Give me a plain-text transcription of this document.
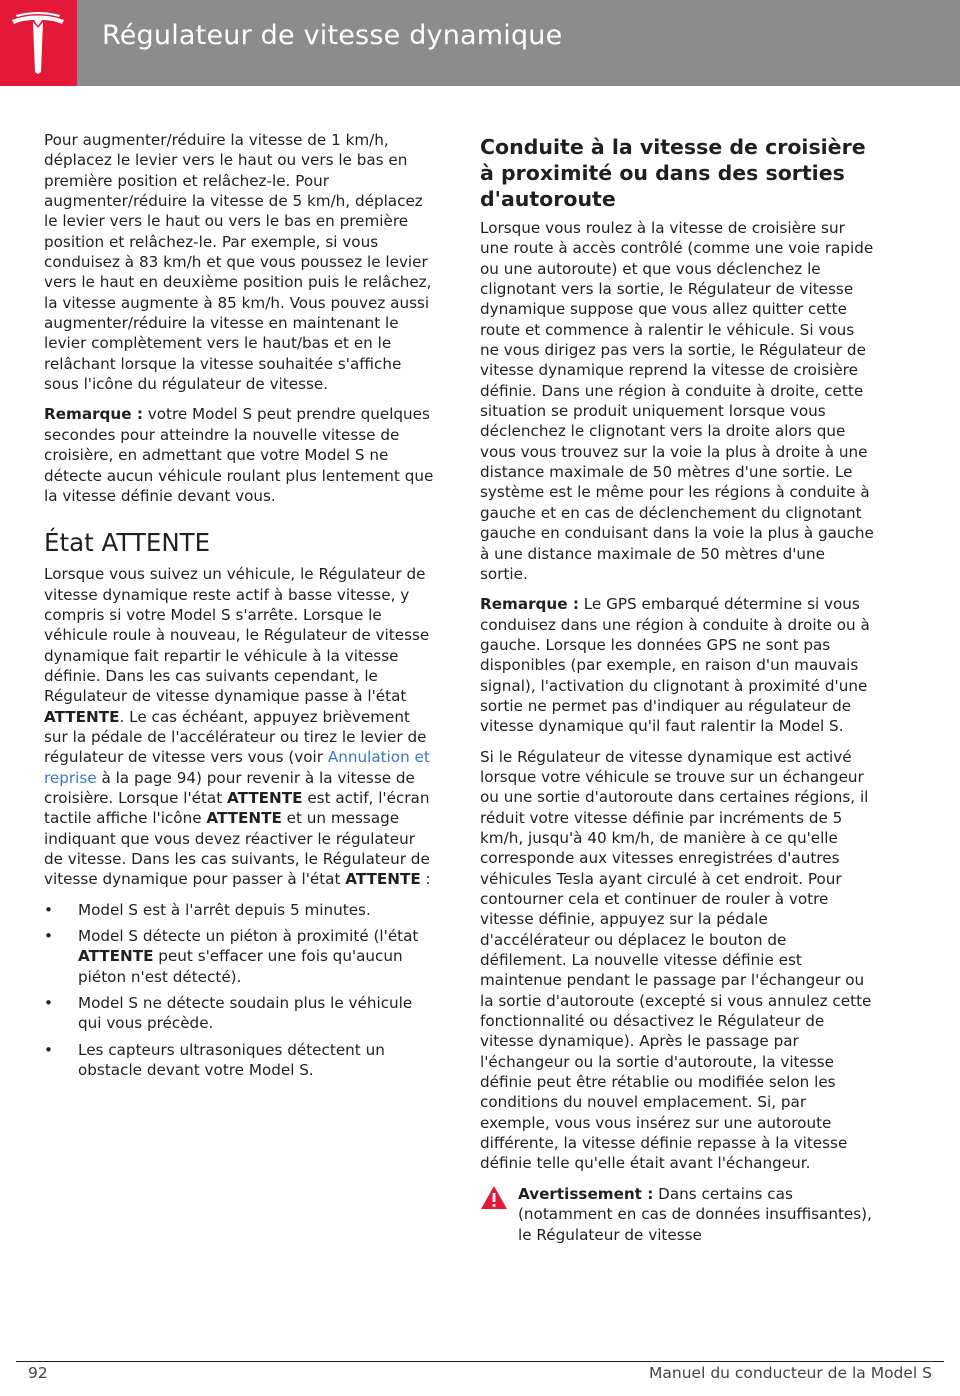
Régulateur de vitesse dynamique

Pour augmenter/réduire la vitesse de 1 km/h, déplacez le levier vers le haut ou vers le bas en première position et relâchez-le. Pour augmenter/réduire la vitesse de 5 km/h, déplacez le levier vers le haut ou vers le bas en première position et relâchez-le. Par exemple, si vous conduisez à 83 km/h et que vous poussez le levier vers le haut en deuxième position puis le relâchez, la vitesse augmente à 85 km/h. Vous pouvez aussi augmenter/réduire la vitesse en maintenant le levier complètement vers le haut/bas et en le relâchant lorsque la vitesse souhaitée s'affiche sous l'icône du régulateur de vitesse.

Remarque : votre Model S peut prendre quelques secondes pour atteindre la nouvelle vitesse de croisière, en admettant que votre Model S ne détecte aucun véhicule roulant plus lentement que la vitesse définie devant vous.

État ATTENTE

Lorsque vous suivez un véhicule, le Régulateur de vitesse dynamique reste actif à basse vitesse, y compris si votre Model S s'arrête. Lorsque le véhicule roule à nouveau, le Régulateur de vitesse dynamique fait repartir le véhicule à la vitesse définie. Dans les cas suivants cependant, le Régulateur de vitesse dynamique passe à l'état ATTENTE. Le cas échéant, appuyez brièvement sur la pédale de l'accélérateur ou tirez le levier de régulateur de vitesse vers vous (voir Annulation et reprise à la page 94) pour revenir à la vitesse de croisière. Lorsque l'état ATTENTE est actif, l'écran tactile affiche l'icône ATTENTE et un message indiquant que vous devez réactiver le régulateur de vitesse. Dans les cas suivants, le Régulateur de vitesse dynamique pour passer à l'état ATTENTE :

• Model S est à l'arrêt depuis 5 minutes.
• Model S détecte un piéton à proximité (l'état ATTENTE peut s'effacer une fois qu'aucun piéton n'est détecté).
• Model S ne détecte soudain plus le véhicule qui vous précède.
• Les capteurs ultrasoniques détectent un obstacle devant votre Model S.
Conduite à la vitesse de croisière à proximité ou dans des sorties d'autoroute

Lorsque vous roulez à la vitesse de croisière sur une route à accès contrôlé (comme une voie rapide ou une autoroute) et que vous déclenchez le clignotant vers la sortie, le Régulateur de vitesse dynamique suppose que vous allez quitter cette route et commence à ralentir le véhicule. Si vous ne vous dirigez pas vers la sortie, le Régulateur de vitesse dynamique reprend la vitesse de croisière définie. Dans une région à conduite à droite, cette situation se produit uniquement lorsque vous déclenchez le clignotant vers la droite alors que vous vous trouvez sur la voie la plus à droite à une distance maximale de 50 mètres d'une sortie. Le système est le même pour les régions à conduite à gauche et en cas de déclenchement du clignotant gauche en conduisant dans la voie la plus à gauche à une distance maximale de 50 mètres d'une sortie.

Remarque : Le GPS embarqué détermine si vous conduisez dans une région à conduite à droite ou à gauche. Lorsque les données GPS ne sont pas disponibles (par exemple, en raison d'un mauvais signal), l'activation du clignotant à proximité d'une sortie ne permet pas d'indiquer au régulateur de vitesse dynamique qu'il faut ralentir la Model S.

Si le Régulateur de vitesse dynamique est activé lorsque votre véhicule se trouve sur un échangeur ou une sortie d'autoroute dans certaines régions, il réduit votre vitesse définie par incréments de 5 km/h, jusqu'à 40 km/h, de manière à ce qu'elle corresponde aux vitesses enregistrées d'autres véhicules Tesla ayant circulé à cet endroit. Pour contourner cela et continuer de rouler à votre vitesse définie, appuyez sur la pédale d'accélérateur ou déplacez le bouton de défilement. La nouvelle vitesse définie est maintenue pendant le passage par l'échangeur ou la sortie d'autoroute (excepté si vous annulez cette fonctionnalité ou désactivez le Régulateur de vitesse dynamique). Après le passage par l'échangeur ou la sortie d'autoroute, la vitesse définie peut être rétablie ou modifiée selon les conditions du nouvel emplacement. Si, par exemple, vous vous insérez sur une autoroute différente, la vitesse définie repasse à la vitesse définie telle qu'elle était avant l'échangeur.

Avertissement : Dans certains cas (notamment en cas de données insuffisantes), le Régulateur de vitesse
92	Manuel du conducteur de la Model S
